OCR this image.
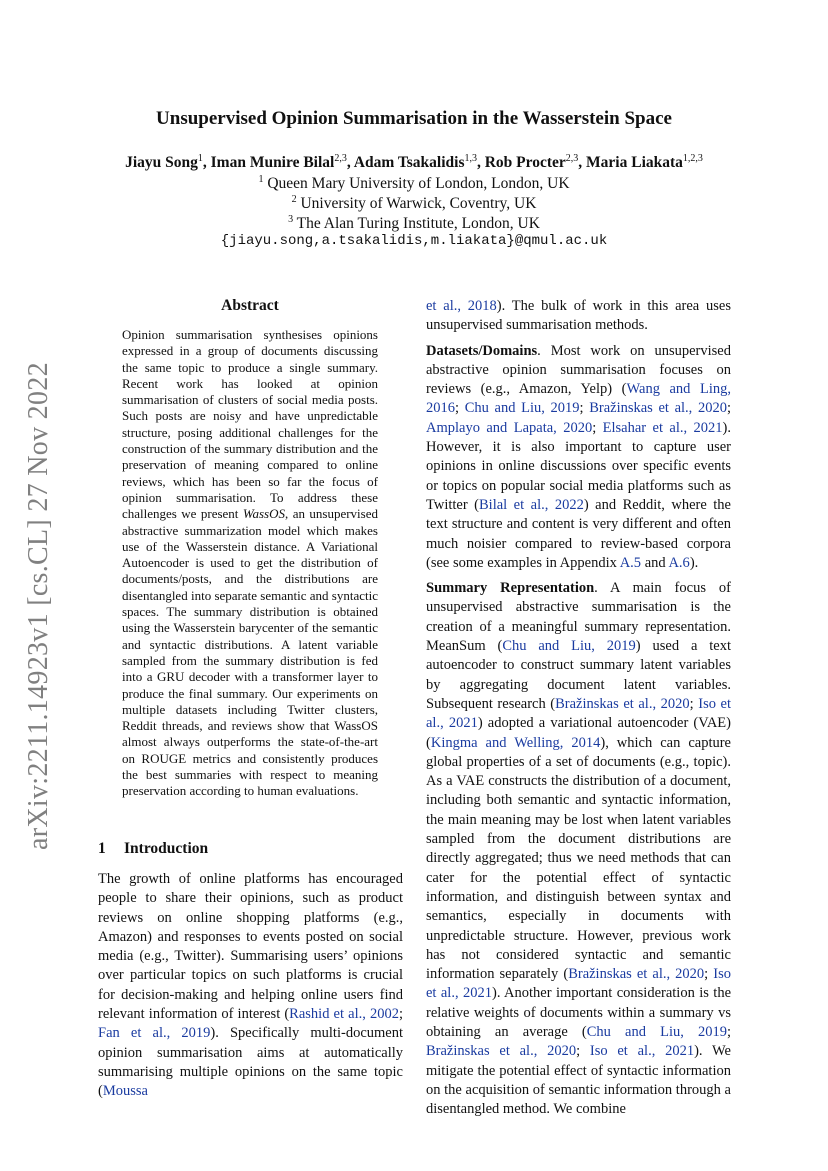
arXiv:2211.14923v1 [cs.CL] 27 Nov 2022
Unsupervised Opinion Summarisation in the Wasserstein Space
Jiayu Song$^1$, Iman Munire Bilal$^{2,3}$, Adam Tsakalidis$^{1,3}$, Rob Procter$^{2,3}$, Maria Liakata$^{1,2,3}$
$^1$ Queen Mary University of London, London, UK
$^2$ University of Warwick, Coventry, UK
$^3$ The Alan Turing Institute, London, UK
{jiayu.song,a.tsakalidis,m.liakata}@qmul.ac.uk
Abstract

Opinion summarisation synthesises opinions expressed in a group of documents discussing the same topic to produce a single summary. Recent work has looked at opinion summarisation of clusters of social media posts. Such posts are noisy and have unpredictable structure, posing additional challenges for the construction of the summary distribution and the preservation of meaning compared to online reviews, which has been so far the focus of opinion summarisation. To address these challenges we present WassOS, an unsupervised abstractive summarization model which makes use of the Wasserstein distance. A Variational Autoencoder is used to get the distribution of documents/posts, and the distributions are disentangled into separate semantic and syntactic spaces. The summary distribution is obtained using the Wasserstein barycenter of the semantic and syntactic distributions. A latent variable sampled from the summary distribution is fed into a GRU decoder with a transformer layer to produce the final summary. Our experiments on multiple datasets including Twitter clusters, Reddit threads, and reviews show that WassOS almost always outperforms the state-of-the-art on ROUGE metrics and consistently produces the best summaries with respect to meaning preservation according to human evaluations.

1 Introduction

The growth of online platforms has encouraged people to share their opinions, such as product reviews on online shopping platforms (e.g., Amazon) and responses to events posted on social media (e.g., Twitter). Summarising users’ opinions over particular topics on such platforms is crucial for decision-making and helping online users find relevant information of interest (Rashid et al., 2002; Fan et al., 2019). Specifically multi-document opinion summarisation aims at automatically summarising multiple opinions on the same topic (Moussa

et al., 2018). The bulk of work in this area uses unsupervised summarisation methods.

Datasets/Domains. Most work on unsupervised abstractive opinion summarisation focuses on reviews (e.g., Amazon, Yelp) (Wang and Ling, 2016; Chu and Liu, 2019; Bražinskas et al., 2020; Amplayo and Lapata, 2020; Elsahar et al., 2021). However, it is also important to capture user opinions in online discussions over specific events or topics on popular social media platforms such as Twitter (Bilal et al., 2022) and Reddit, where the text structure and content is very different and often much noisier compared to review-based corpora (see some examples in Appendix A.5 and A.6).

Summary Representation. A main focus of unsupervised abstractive summarisation is the creation of a meaningful summary representation. MeanSum (Chu and Liu, 2019) used a text autoencoder to construct summary latent variables by aggregating document latent variables. Subsequent research (Bražinskas et al., 2020; Iso et al., 2021) adopted a variational autoencoder (VAE) (Kingma and Welling, 2014), which can capture global properties of a set of documents (e.g., topic). As a VAE constructs the distribution of a document, including both semantic and syntactic information, the main meaning may be lost when latent variables sampled from the document distributions are directly aggregated; thus we need methods that can cater for the potential effect of syntactic information, and distinguish between syntax and semantics, especially in documents with unpredictable structure. However, previous work has not considered syntactic and semantic information separately (Bražinskas et al., 2020; Iso et al., 2021). Another important consideration is the relative weights of documents within a summary vs obtaining an average (Chu and Liu, 2019; Bražinskas et al., 2020; Iso et al., 2021). We mitigate the potential effect of syntactic information on the acquisition of semantic information through a disentangled method. We combine
